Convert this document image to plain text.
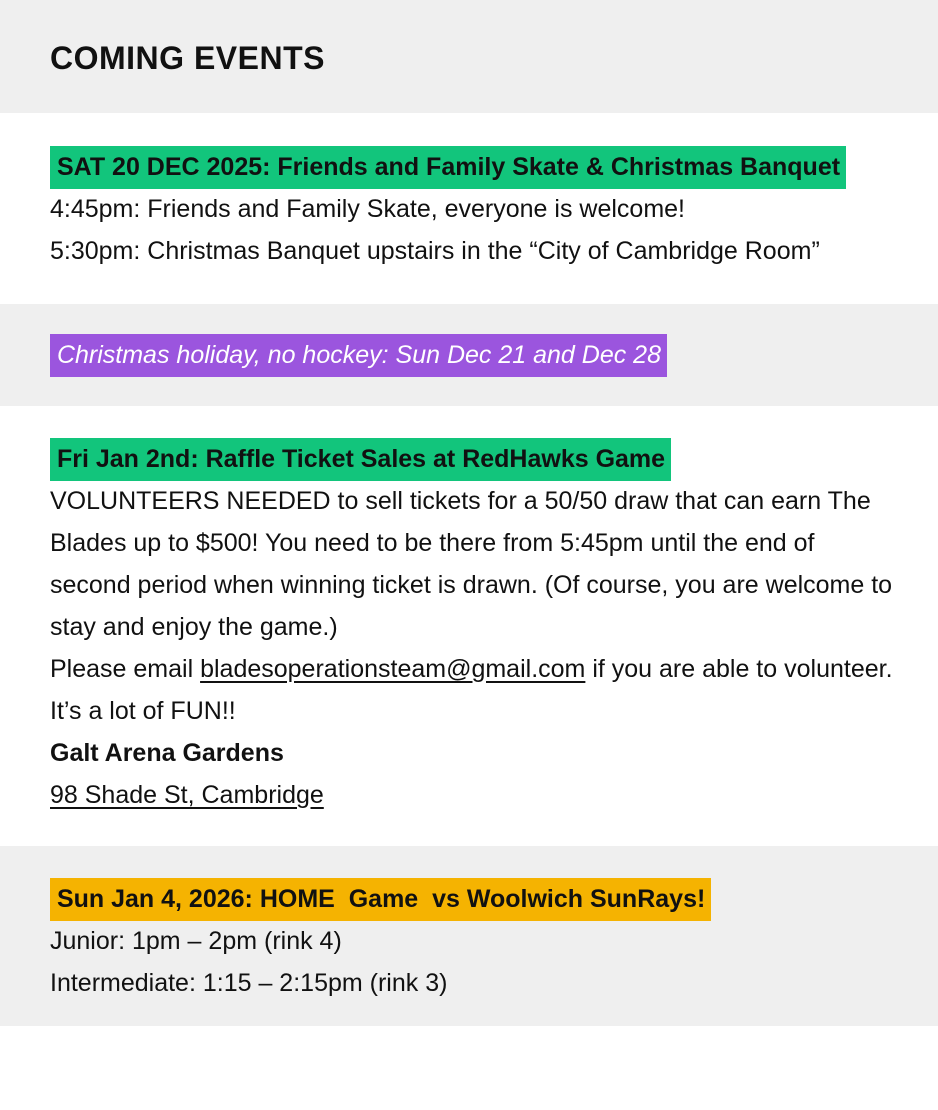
COMING EVENTS

SAT 20 DEC 2025: Friends and Family Skate & Christmas Banquet

4:45pm: Friends and Family Skate, everyone is welcome!

5:30pm: Christmas Banquet upstairs in the “City of Cambridge Room”

Christmas holiday, no hockey: Sun Dec 21 and Dec 28

Fri Jan 2nd: Raffle Ticket Sales at RedHawks Game

VOLUNTEERS NEEDED to sell tickets for a 50/50 draw that can earn The Blades up to $500! You need to be there from 5:45pm until the end of second period when winning ticket is drawn. (Of course, you are welcome to stay and enjoy the game.)

Please email bladesoperationsteam@gmail.com if you are able to volunteer.  It’s a lot of FUN!!

Galt Arena Gardens

98 Shade St, Cambridge

Sun Jan 4, 2026: HOME  Game  vs Woolwich SunRays!

Junior: 1pm – 2pm (rink 4)

Intermediate: 1:15 – 2:15pm (rink 3)
